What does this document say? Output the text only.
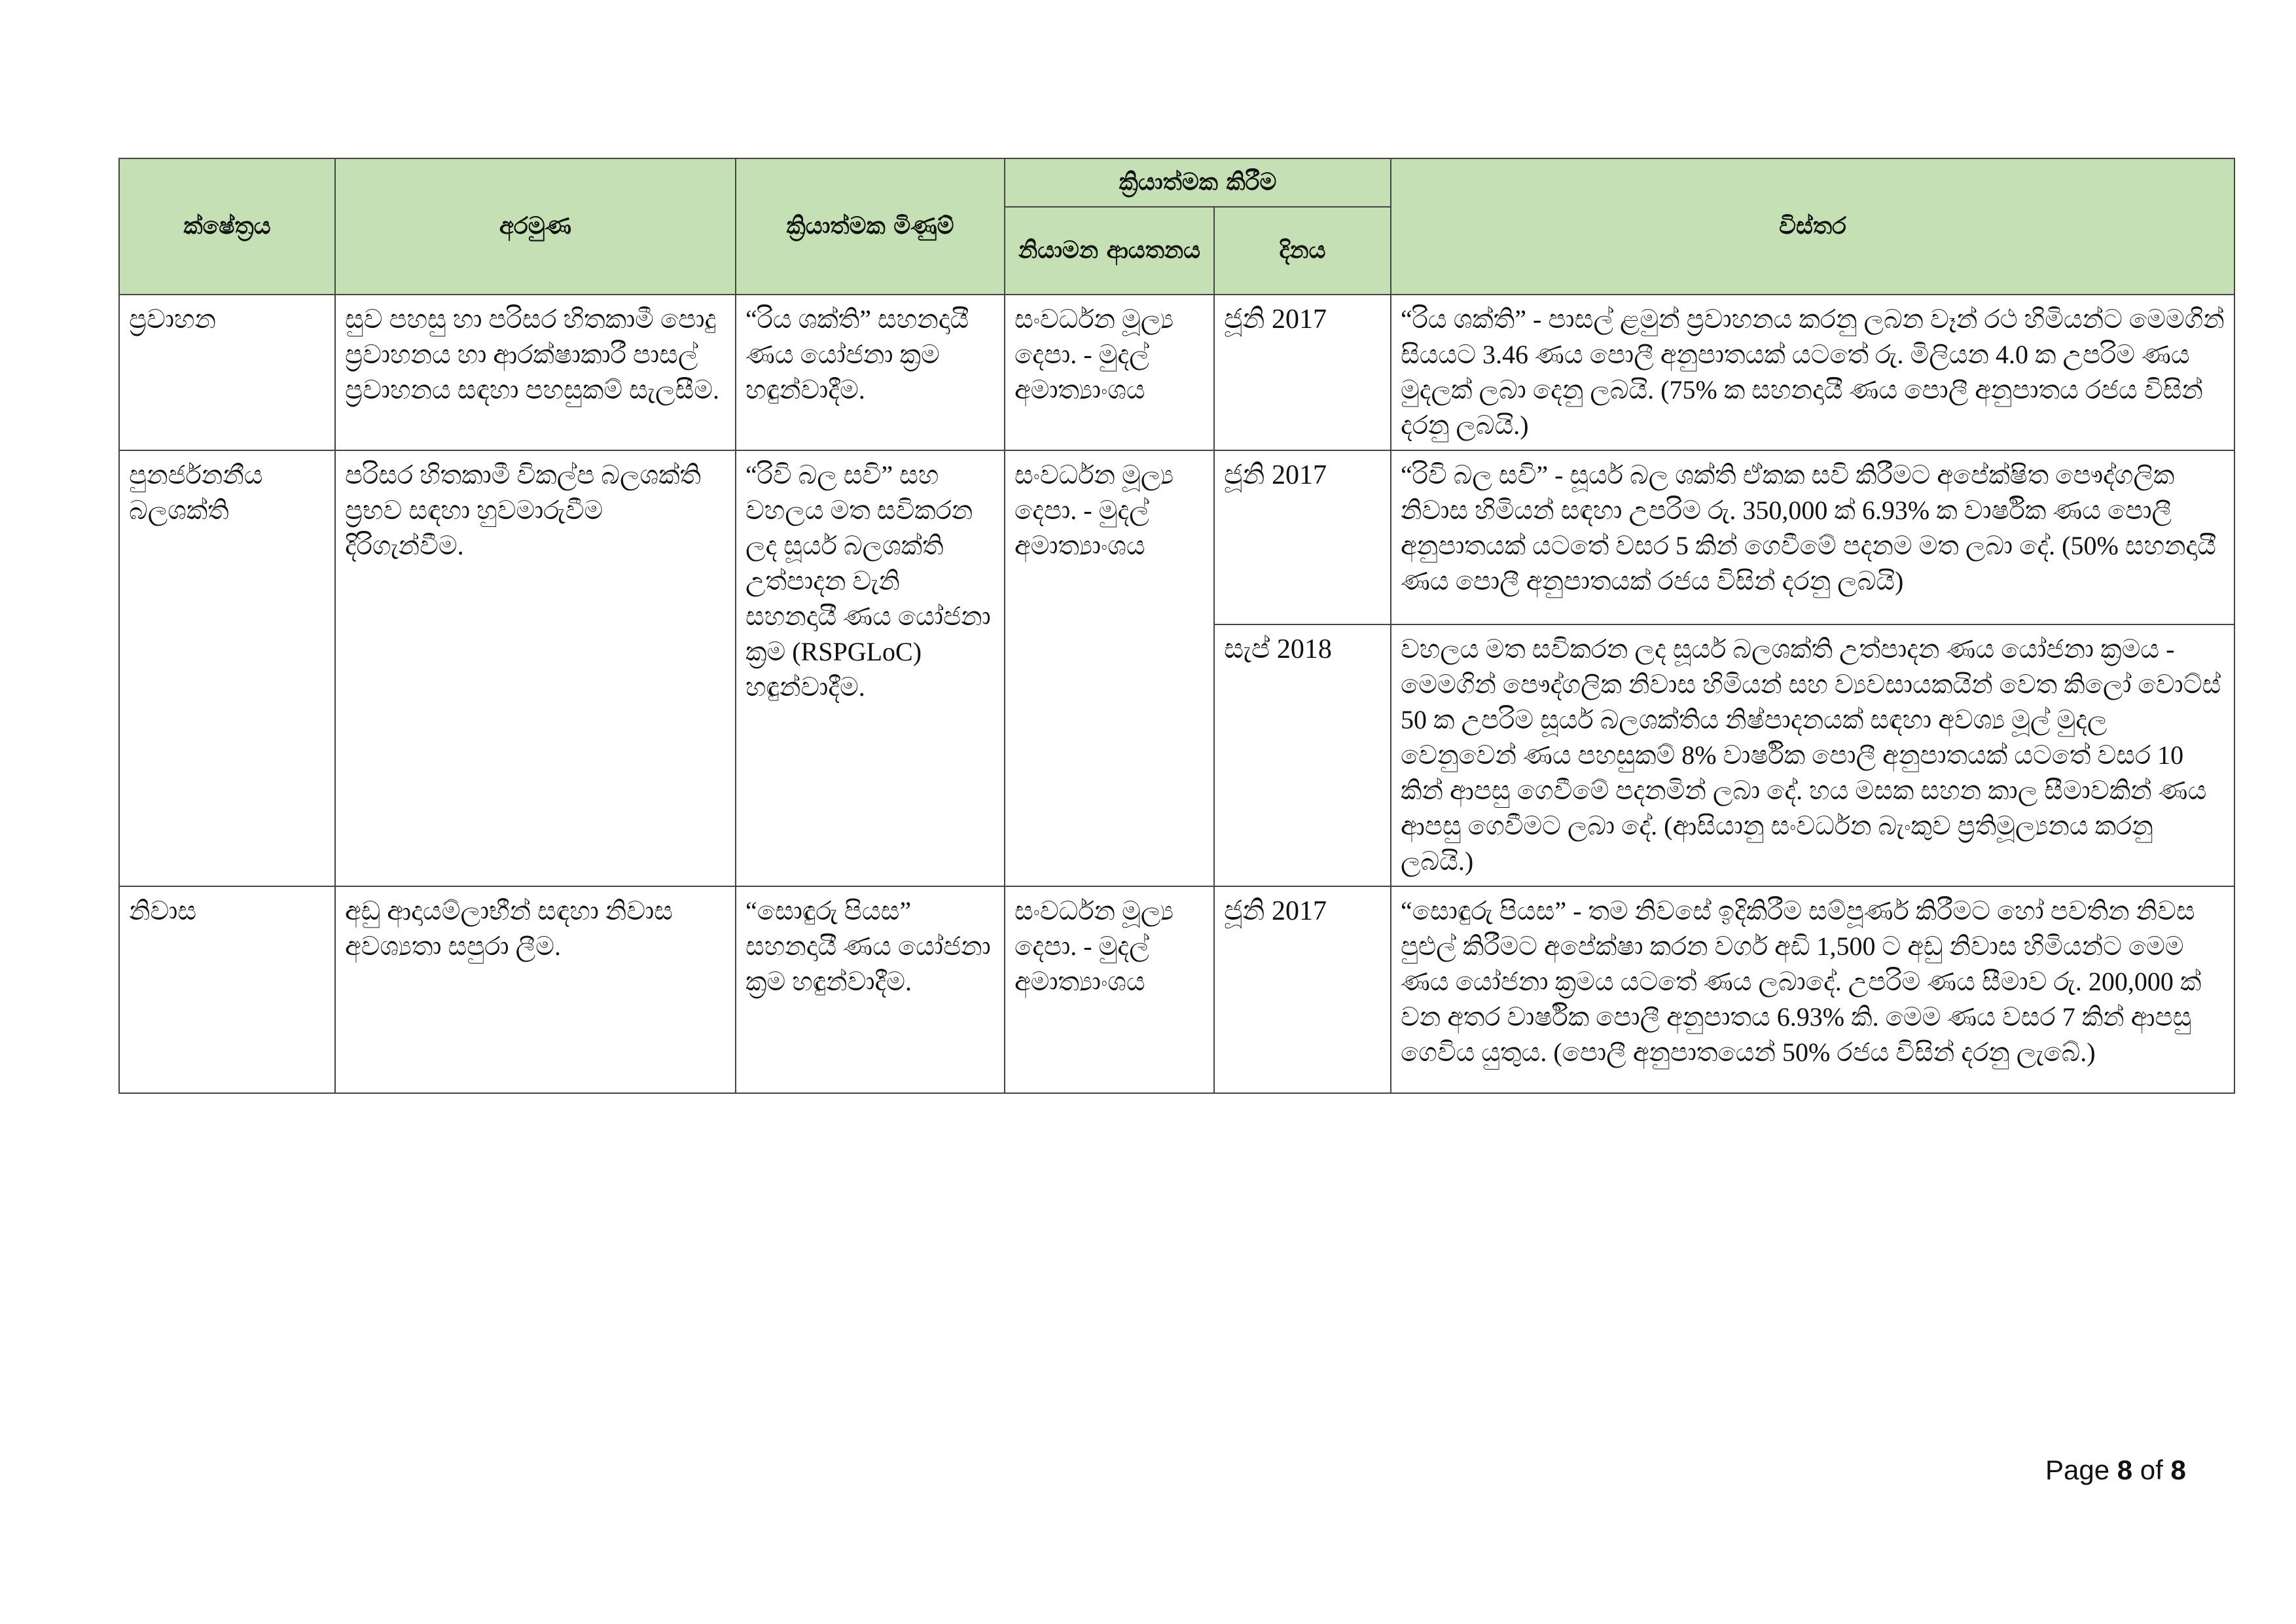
ක්ෂේත්‍රය	අරමුණ	ක්‍රියාත්මක මිණුම්	ක්‍රියාත්මක කිරීම		විස්තර
			නියාමන ආයතනය	දිනය	
ප්‍රවාහන	සුව පහසු හා පරිසර හිතකාමී පොදු ප්‍රවාහනය හා ආරක්ෂාකාරී පාසල් ප්‍රවාහනය සඳහා පහසුකම් සැලසීම.	“රිය ශක්ති” සහනදායී ණය යෝජනා ක්‍රම හඳුන්වාදීම.	සංවර්ධන මූල්‍ය දෙපා. - මුදල් අමාත්‍යාංශය	ජූනි 2017	“රිය ශක්ති” - පාසල් ළමුන් ප්‍රවාහනය කරනු ලබන වෑන් රථ හිමියන්ට මෙමගින් සියයට 3.46 ණය පොලී අනුපාතයක් යටතේ රු. මිලියන 4.0 ක උපරිම ණය මුදලක් ලබා දෙනු ලබයි. (75% ක සහනදායී ණය පොලී අනුපාතය රජය විසින් දරනු ලබයි.)
පුනර්ජනනීය බලශක්ති	පරිසර හිතකාමී විකල්ප බලශක්ති ප්‍රභව සඳහා හුවමාරුවීම දිරිගැන්වීම.	“රිවි බල සවි” සහ වහලය මත සවිකරන ලද සූර්ය බලශක්ති උත්පාදන වැනි සහනදායී ණය යෝජනා ක්‍රම (RSPGLoC) හඳුන්වාදීම.	සංවර්ධන මූල්‍ය දෙපා. - මුදල් අමාත්‍යාංශය	ජූනි 2017	“රිවි බල සවි” - සූර්ය බල ශක්ති ඒකක සවි කිරීමට අපේක්ෂිත පෞද්ගලික නිවාස හිමියන් සඳහා උපරිම රු. 350,000 ක් 6.93% ක වාර්ෂික ණය පොලී අනුපාතයක් යටතේ වසර 5 කින් ගෙවීමේ පදනම මත ලබා දේ. (50% සහනදායී ණය පොලී අනුපාතයක් රජය විසින් දරනු ලබයි)
				සැප් 2018	වහලය මත සවිකරන ලද සූර්ය බලශක්ති උත්පාදන ණය යෝජනා ක්‍රමය - මෙමගින් පෞද්ගලික නිවාස හිමියන් සහ ව්‍යවසායකයින් වෙත කිලෝ වොට්ස් 50 ක උපරිම සූර්ය බලශක්තිය නිෂ්පාදනයක් සඳහා අවශ්‍ය මූල් මුදල වෙනුවෙන් ණය පහසුකම් 8% වාර්ෂික පොලී අනුපාතයක් යටතේ වසර 10 කින් ආපසු ගෙවීමේ පදනමින් ලබා දේ. හය මසක සහන කාල සීමාවකින් ණය ආපසු ගෙවීමට ලබා දේ. (ආසියානු සංවර්ධන බැංකුව ප්‍රතිමූල්‍යනය කරනු ලබයි.)
නිවාස	අඩු ආදායම්ලාභීන් සඳහා නිවාස අවශ්‍යතා සපුරා ලීම.	“සොඳුරු පියස” සහනදායී ණය යෝජනා ක්‍රම හඳුන්වාදීම.	සංවර්ධන මූල්‍ය දෙපා. - මුදල් අමාත්‍යාංශය	ජූනි 2017	“සොඳුරු පියස” - තම නිවසේ ඉදිකිරීම සම්පූර්ණ කිරීමට හෝ පවතින නිවස පුළුල් කිරීමට අපේක්ෂා කරන වර්ග අඩි 1,500 ට අඩු නිවාස හිමියන්ට මෙම ණය යෝජනා ක්‍රමය යටතේ ණය ලබාදේ. උපරිම ණය සීමාව රු. 200,000 ක් වන අතර වාර්ෂික පොලී අනුපාතය 6.93% කි. මෙම ණය වසර 7 කින් ආපසු ගෙවිය යුතුය. (පොලී අනුපාතයෙන් 50% රජය විසින් දරනු ලැබේ.)
Page 8 of 8
